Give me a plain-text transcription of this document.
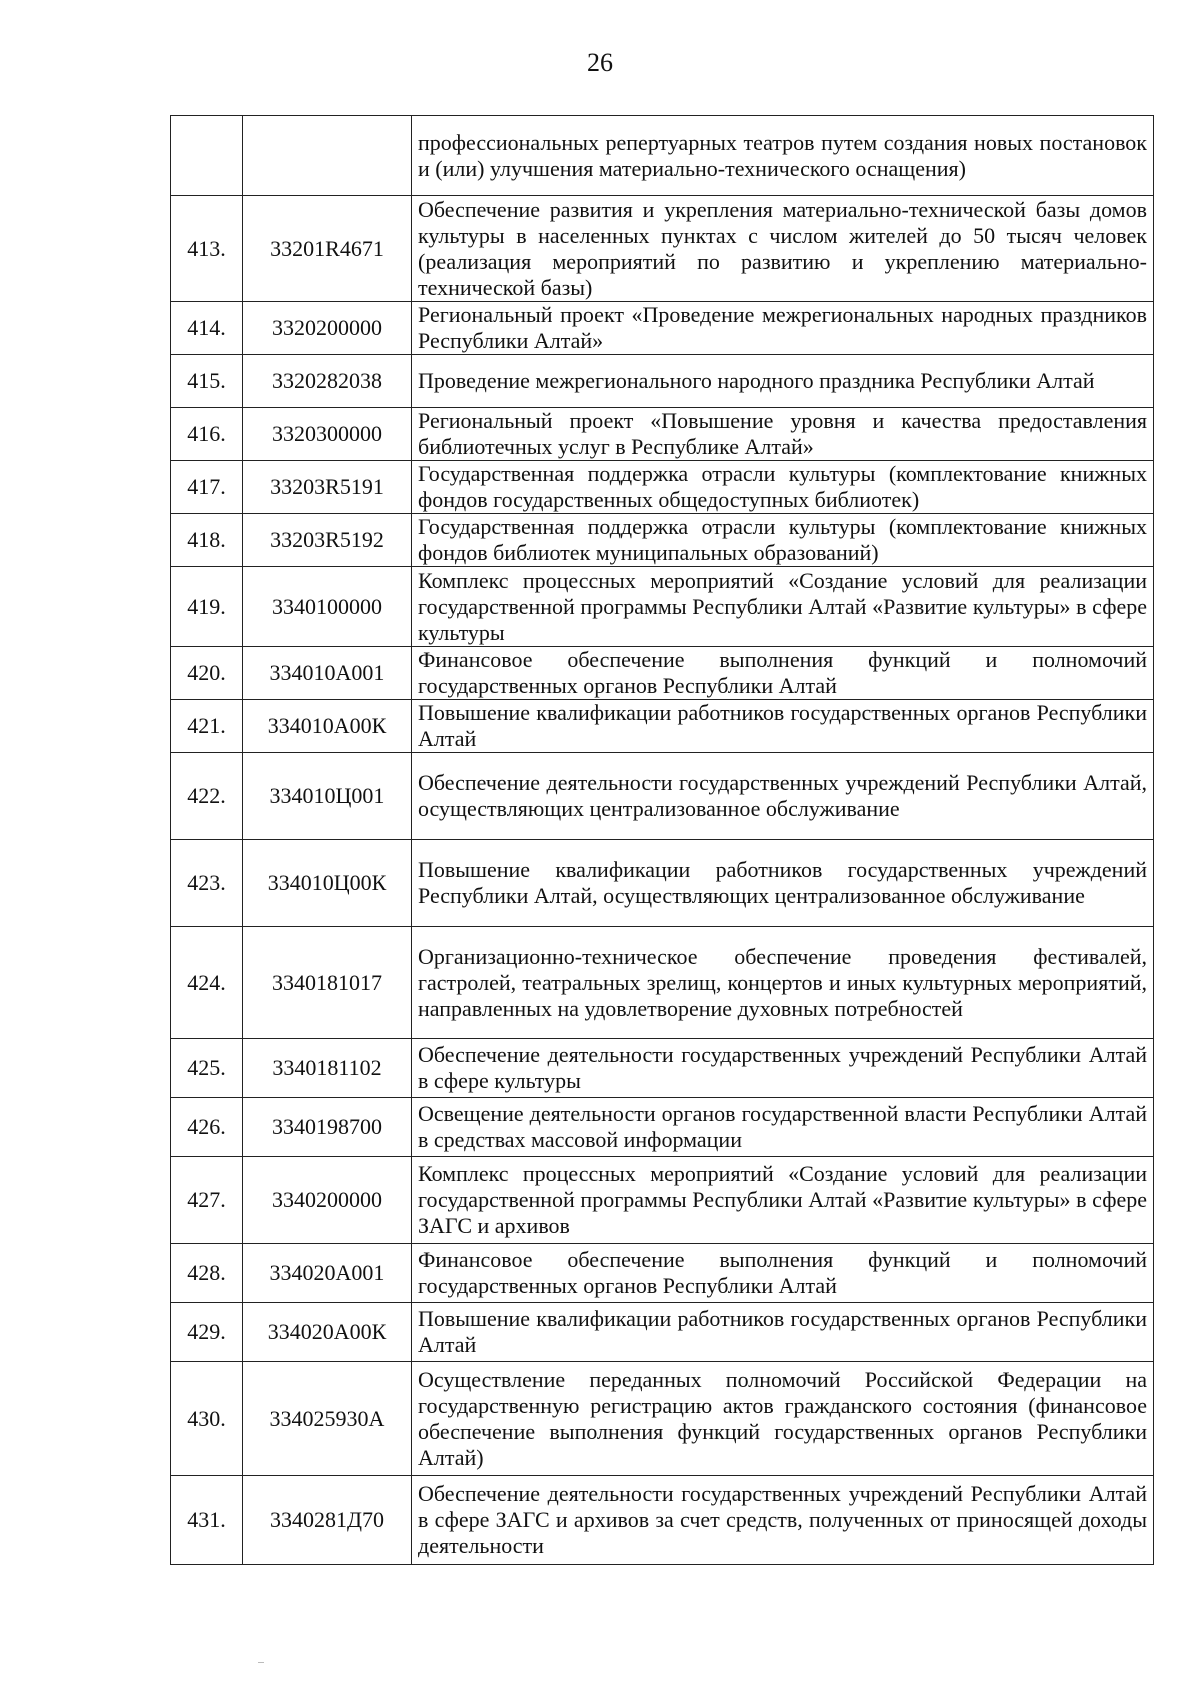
26
		профессиональных репертуарных театров путем создания новых постановок и (или) улучшения материально-технического оснащения)
413.	33201R4671	Обеспечение развития и укрепления материально-технической базы домов культуры в населенных пунктах с числом жителей до 50 тысяч человек (реализация мероприятий по развитию и укреплению материально-технической базы)
414.	3320200000	Региональный проект «Проведение межрегиональных народных праздников Республики Алтай»
415.	3320282038	Проведение межрегионального народного праздника Республики Алтай
416.	3320300000	Региональный проект «Повышение уровня и качества предоставления библиотечных услуг в Республике Алтай»
417.	33203R5191	Государственная поддержка отрасли культуры (комплектование книжных фондов государственных общедоступных библиотек)
418.	33203R5192	Государственная поддержка отрасли культуры (комплектование книжных фондов библиотек муниципальных образований)
419.	3340100000	Комплекс процессных мероприятий «Создание условий для реализации государственной программы Республики Алтай «Развитие культуры» в сфере культуры
420.	334010А001	Финансовое обеспечение выполнения функций и полномочий государственных органов Республики Алтай
421.	334010А00К	Повышение квалификации работников государственных органов Республики Алтай
422.	334010Ц001	Обеспечение деятельности государственных учреждений Республики Алтай, осуществляющих централизованное обслуживание
423.	334010Ц00К	Повышение квалификации работников государственных учреждений Республики Алтай, осуществляющих централизованное обслуживание
424.	3340181017	Организационно-техническое обеспечение проведения фестивалей, гастролей, театральных зрелищ, концертов и иных культурных мероприятий, направленных на удовлетворение духовных потребностей
425.	3340181102	Обеспечение деятельности государственных учреждений Республики Алтай в сфере культуры
426.	3340198700	Освещение деятельности органов государственной власти Республики Алтай в средствах массовой информации
427.	3340200000	Комплекс процессных мероприятий «Создание условий для реализации государственной программы Республики Алтай «Развитие культуры» в сфере ЗАГС и архивов
428.	334020А001	Финансовое обеспечение выполнения функций и полномочий государственных органов Республики Алтай
429.	334020А00К	Повышение квалификации работников государственных органов Республики Алтай
430.	334025930А	Осуществление переданных полномочий Российской Федерации на государственную регистрацию актов гражданского состояния (финансовое обеспечение выполнения функций государственных органов Республики Алтай)
431.	3340281Д70	Обеспечение деятельности государственных учреждений Республики Алтай в сфере ЗАГС и архивов за счет средств, полученных от приносящей доходы деятельности
